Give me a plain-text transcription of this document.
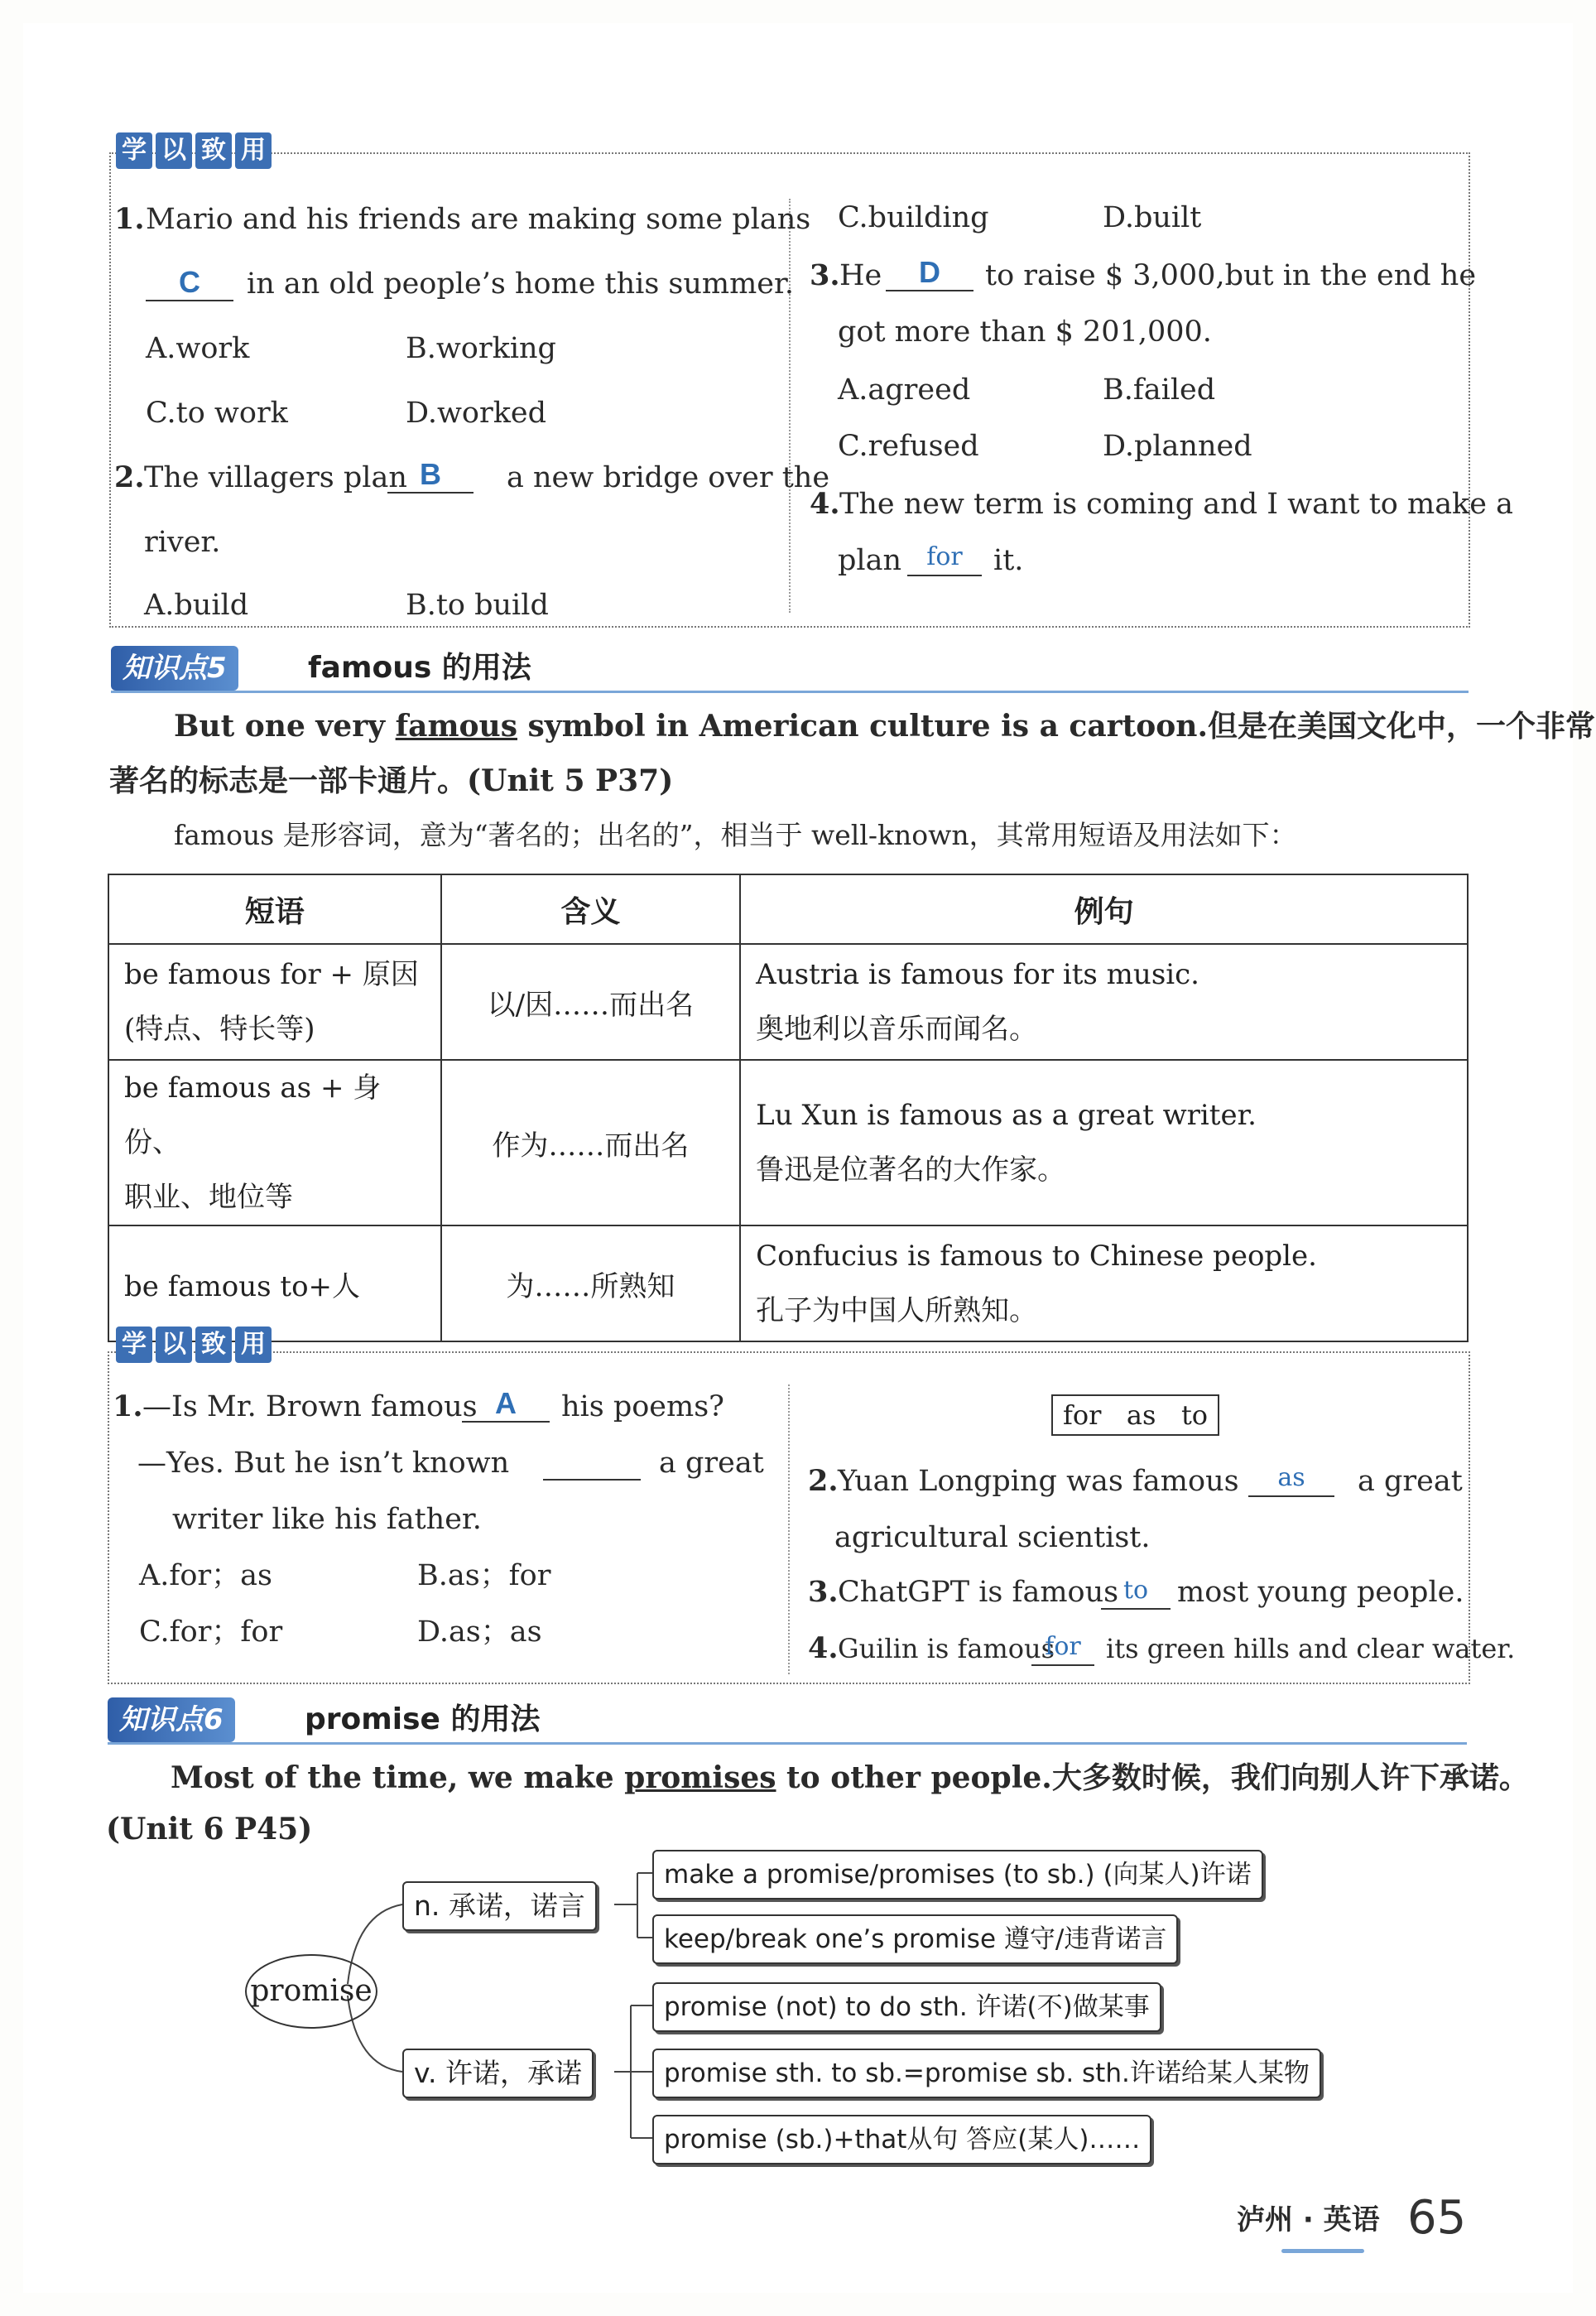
学 以 致 用
1. Mario and his friends are making some plans
C	in an old people’s home this summer.
A.work	B.working
C.to work	D.worked
2. The villagers plan B	a new bridge over the
river.
A.build	B.to build
C.building	D.built
3. He	D	to raise $ 3,000,but in the end he
got more than $ 201,000.
A.agreed	B.failed
C.refused	D.planned
4. The new term is coming and I want to make a
plan	for	it.
知识点5	famous 的用法
But one very famous symbol in American culture is a cartoon.但是在美国文化中，一个非常
著名的标志是一部卡通片。(Unit 5 P37)
famous 是形容词，意为“著名的；出名的”，相当于 well-known，其常用短语及用法如下：
短语	含义	例句

be famous for + 原因
(特点、特长等)	以/因……而出名	Austria is famous for its music.
奥地利以音乐而闻名。

be famous as + 身份、
职业、地位等	作为……而出名	Lu Xun is famous as a great writer.
鲁迅是位著名的大作家。

be famous to+人	为……所熟知	Confucius is famous to Chinese people.
孔子为中国人所熟知。
学 以 致 用
1. —Is Mr. Brown famous A	his poems?
—Yes. But he isn’t known	a great
writer like his father.
A.for；as	B.as；for
C.for；for	D.as；as
for   as   to
2. Yuan Longping was famous	as	a great
agricultural scientist.
3. ChatGPT is famous to most young people.
4. Guilin is famous
for its green hills and clear water.
知识点6	promise 的用法
Most of the time, we make promises to other people.大多数时候，我们向别人许下承诺。
(Unit 6 P45)
promise
n. 承诺，诺言
v. 许诺，承诺
make a promise/promises (to sb.) (向某人)许诺
keep/break one’s promise 遵守/违背诺言
promise (not) to do sth. 许诺(不)做某事
promise sth. to sb.=promise sb. sth.许诺给某人某物
promise (sb.)+that从句 答应(某人)……
泸州 · 英语 65
